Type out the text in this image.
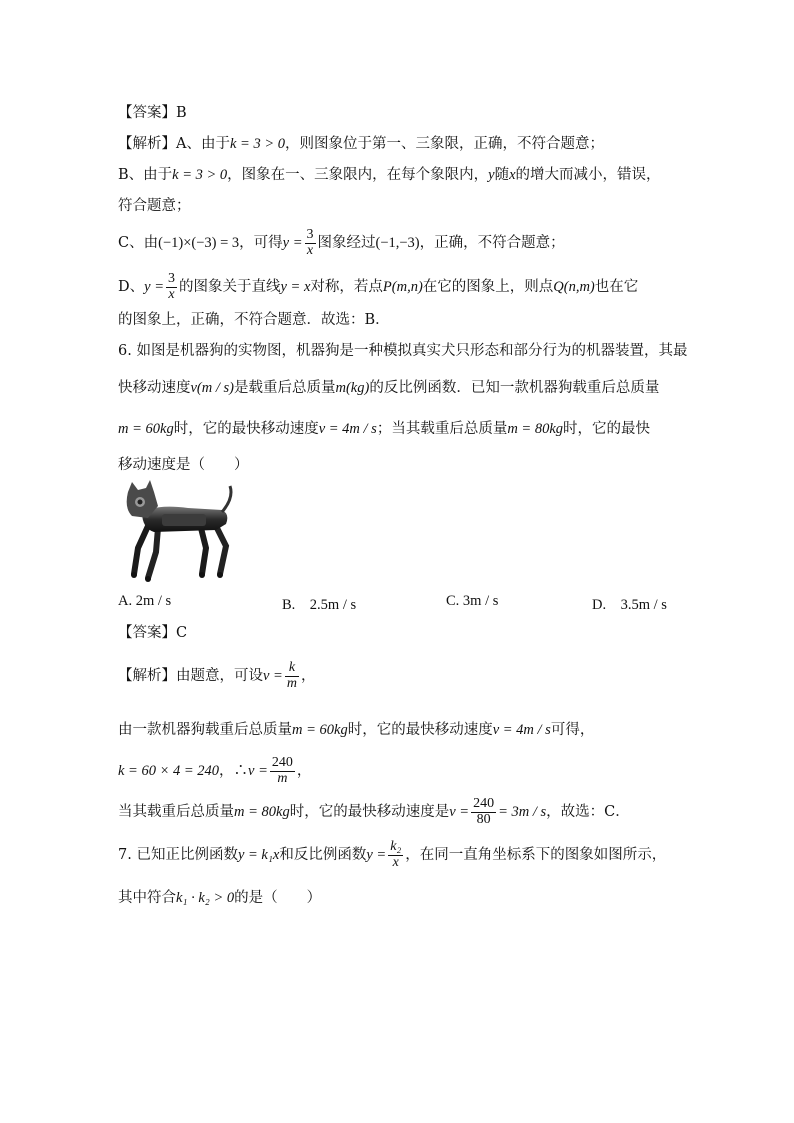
【答案】B
【解析】A、由于k = 3 > 0，则图象位于第一、三象限，正确，不符合题意；
B、由于k = 3 > 0，图象在一、三象限内，在每个象限内，y随x的增大而减小，错误，
符合题意；
C、由(−1)×(−3) = 3，可得$y = \frac{3}{x}$ 图象经过(−1,−3)，正确，不符合题意；
D、$y = \frac{3}{x}$ 的图象关于直线y = x对称，若点P(m,n)在它的图象上，则点Q(n,m)也在它
的图象上，正确，不符合题意．故选：B．
6. 如图是机器狗的实物图，机器狗是一种模拟真实犬只形态和部分行为的机器装置，其最
快移动速度v(m / s)是载重后总质量m(kg)的反比例函数．已知一款机器狗载重后总质量
m = 60kg时，它的最快移动速度v = 4m / s；当其载重后总质量m = 80kg时，它的最快
移动速度是（　　）
A. 2m / s	B.　2.5m / s	C. 3m / s	D.　3.5m / s
【答案】C
【解析】由题意，可设$v = \frac{k}{m}$ ，
由一款机器狗载重后总质量m = 60kg时，它的最快移动速度v = 4m / s可得，
k = 60 × 4 = 240，∴v = $\frac{240}{m}$ ，
当其载重后总质量m = 80kg时，它的最快移动速度是$v = \frac{240}{80} = 3m / s$，故选：C．
7. 已知正比例函数y = k₁x和反比例函数$y = \frac{\text{k₂}}{x}$ ，在同一直角坐标系下的图象如图所示，
其中符合k₁ · k₂ > 0的是（　　）
